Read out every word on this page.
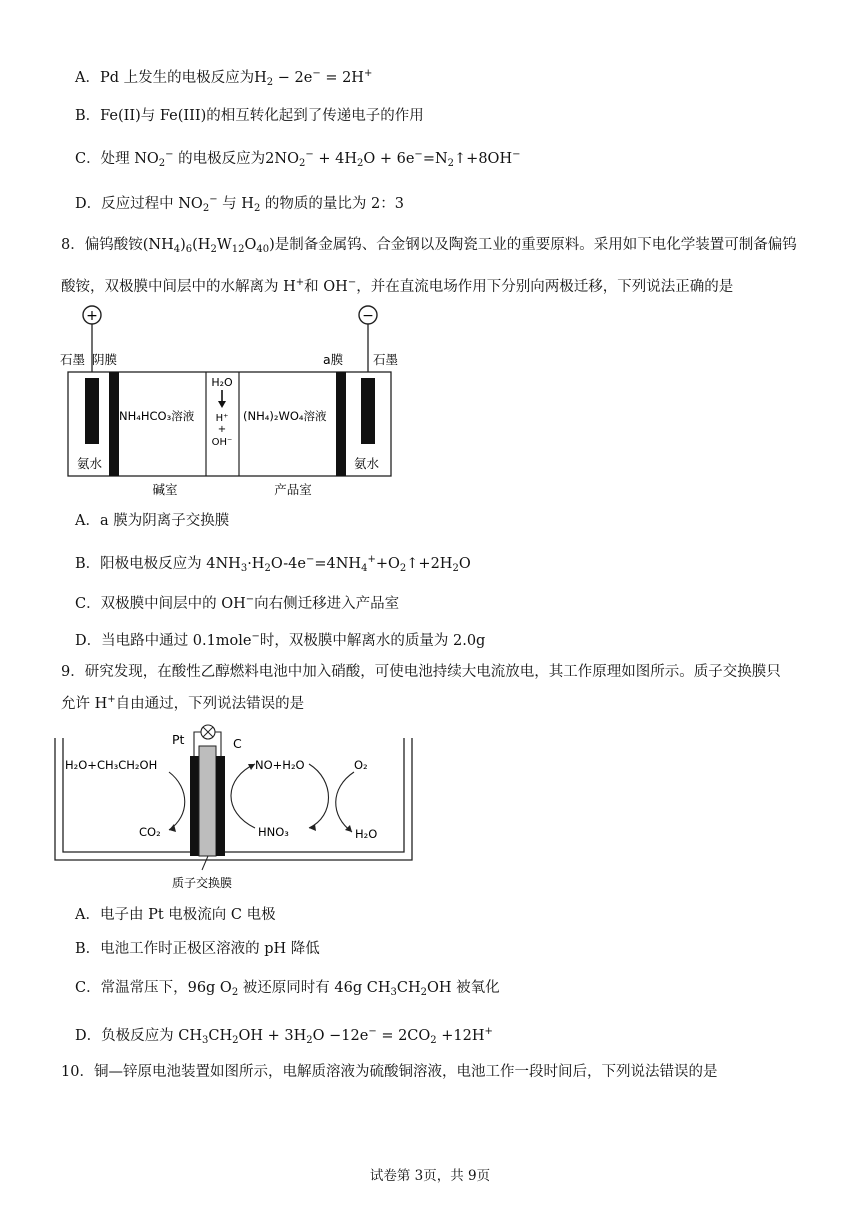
A．Pd 上发生的电极反应为$H_2 - 2e^- = 2H^+$
B．Fe(II)与 Fe(III)的相互转化起到了传递电子的作用
C．处理 $NO_2^-$ 的电极反应为$2NO_2^- + 4H_2O$ + $6e^-=N_2↑+8OH^-$
D．反应过程中 $NO_2^-$ 与 $H_2$ 的物质的量比为 2：3
8．偏钨酸铵$(NH_4)_6(H_2W_{12}O_{40})$是制备金属钨、合金钢以及陶瓷工业的重要原料。采用如下电化学装置可制备偏钨
酸铵，双极膜中间层中的水解离为 H+和 OH−，并在直流电场作用下分别向两极迁移，下列说法正确的是
+	−
石墨 阴膜	a膜 石墨
NH₄HCO₃溶液	(NH₄)₂WO₄溶液
H₂O
H⁺
+
OH⁻
氨水	氨水
碱室	产品室
A．a 膜为阴离子交换膜
B．阳极电极反应为 $4NH_3\cdot H_2O-4e^-=4NH_4^++O_2↑+2H_2O$
C．双极膜中间层中的 OH−向右侧迁移进入产品室
D．当电路中通过 0.1mole−时，双极膜中解离水的质量为 2.0g
9．研究发现，在酸性乙醇燃料电池中加入硝酸，可使电池持续大电流放电，其工作原理如图所示。质子交换膜只
允许 H+自由通过，下列说法错误的是
Pt	C
H₂O+CH₃CH₂OH
CO₂
NO+H₂O	O₂
HNO₃	H₂O
质子交换膜
A．电子由 Pt 电极流向 C 电极
B．电池工作时正极区溶液的 pH 降低
C．常温常压下，96g $O_2$ 被还原同时有 46g $CH_3CH_2OH$ 被氧化
D．负极反应为 $CH_3CH_2OH + 3H_2O -12e^- = 2CO_2 +12H^+$
10．铜—锌原电池装置如图所示，电解质溶液为硫酸铜溶液，电池工作一段时间后，下列说法错误的是
试卷第 3页，共 9页
